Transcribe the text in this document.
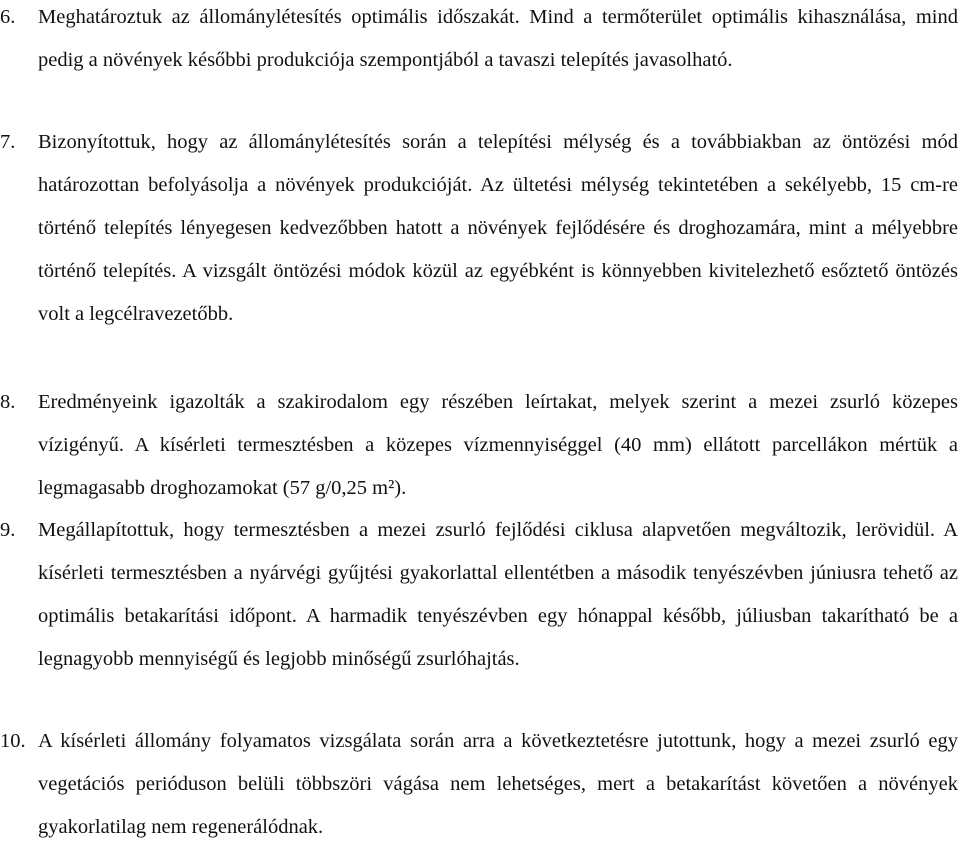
6. Meghatároztuk az állománylétesítés optimális időszakát. Mind a termőterület optimális kihasználása, mind pedig a növények későbbi produkciója szempontjából a tavaszi telepítés javasolható.
7. Bizonyítottuk, hogy az állománylétesítés során a telepítési mélység és a továbbiakban az öntözési mód határozottan befolyásolja a növények produkcióját. Az ültetési mélység tekintetében a sekélyebb, 15 cm-re történő telepítés lényegesen kedvezőbben hatott a növények fejlődésére és droghozamára, mint a mélyebbre történő telepítés. A vizsgált öntözési módok közül az egyébként is könnyebben kivitelezhető esőztető öntözés volt a legcélravezetőbb.
8. Eredményeink igazolták a szakirodalom egy részében leírtakat, melyek szerint a mezei zsurló közepes vízigényű. A kísérleti termesztésben a közepes vízmennyiséggel (40 mm) ellátott parcellákon mértük a legmagasabb droghozamokat (57 g/0,25 m²).
9. Megállapítottuk, hogy termesztésben a mezei zsurló fejlődési ciklusa alapvetően megváltozik, lerövidül. A kísérleti termesztésben a nyárvégi gyűjtési gyakorlattal ellentétben a második tenyészévben júniusra tehető az optimális betakarítási időpont. A harmadik tenyészévben egy hónappal később, júliusban takarítható be a legnagyobb mennyiségű és legjobb minőségű zsurlóhajtás.
10. A kísérleti állomány folyamatos vizsgálata során arra a következtetésre jutottunk, hogy a mezei zsurló egy vegetációs perióduson belüli többszöri vágása nem lehetséges, mert a betakarítást követően a növények gyakorlatilag nem regenerálódnak.
